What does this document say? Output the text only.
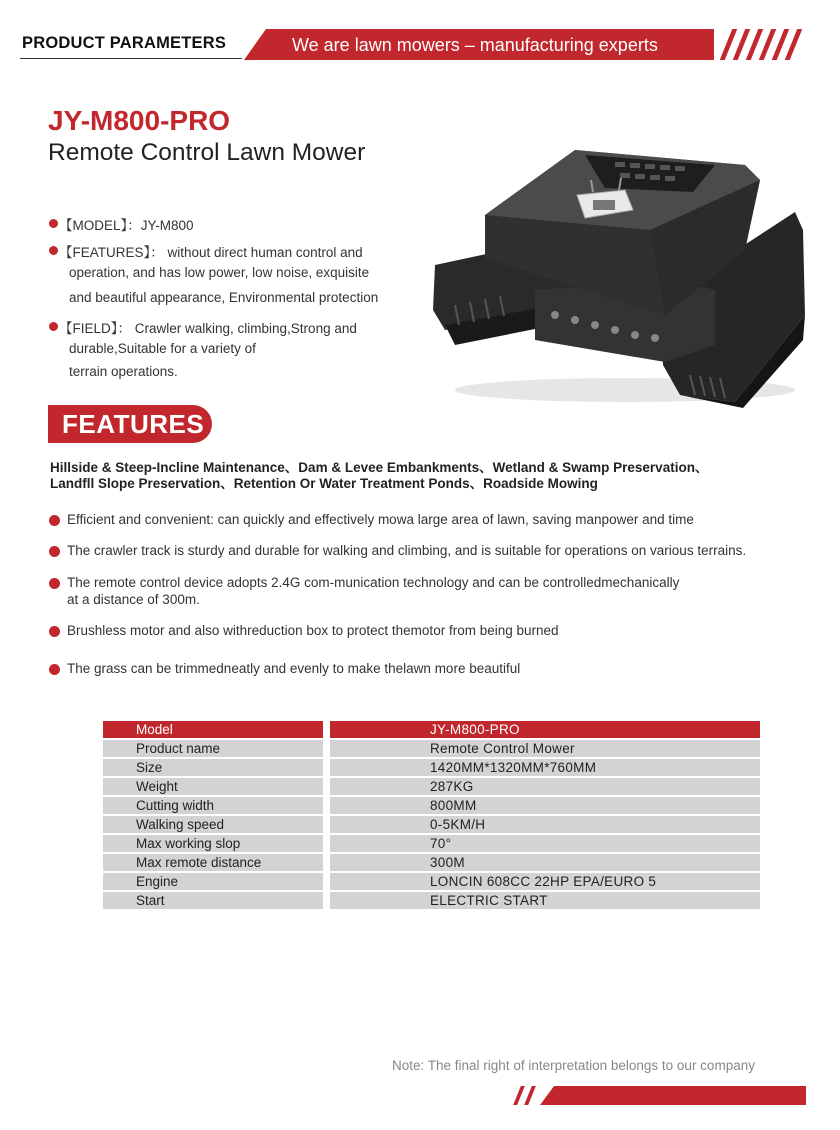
PRODUCT PARAMETERS	We are lawn mowers – manufacturing experts
JY-M800-PRO
Remote Control Lawn Mower
【MODEL】：JY-M800
【FEATURES】： without direct human control and
operation, and has low power, low noise, exquisite
and beautiful appearance, Environmental protection
【FIELD】： Crawler walking, climbing,Strong and
durable,Suitable for a variety of
terrain operations.
FEATURES
Hillside & Steep-Incline Maintenance、Dam & Levee Embankments、Wetland & Swamp Preservation、
Landfll Slope Preservation、Retention Or Water Treatment Ponds、Roadside Mowing
Efficient and convenient: can quickly and effectively mowa large area of lawn, saving manpower and time
The crawler track is sturdy and durable for walking and climbing, and is suitable for operations on various terrains.
The remote control device adopts 2.4G com-munication technology and can be controlledmechanically
at a distance of 300m.
Brushless motor and also withreduction box to protect themotor from being burned
The grass can be trimmedneatly and evenly to make thelawn more beautiful
Model	JY-M800-PRO
Product name	Remote Control Mower
Size	1420MM*1320MM*760MM
Weight	287KG
Cutting width	800MM
Walking speed	0-5KM/H
Max working slop	70°
Max remote distance	300M
Engine	LONCIN 608CC 22HP EPA/EURO 5
Start	ELECTRIC START
Note: The final right of interpretation belongs to our company
